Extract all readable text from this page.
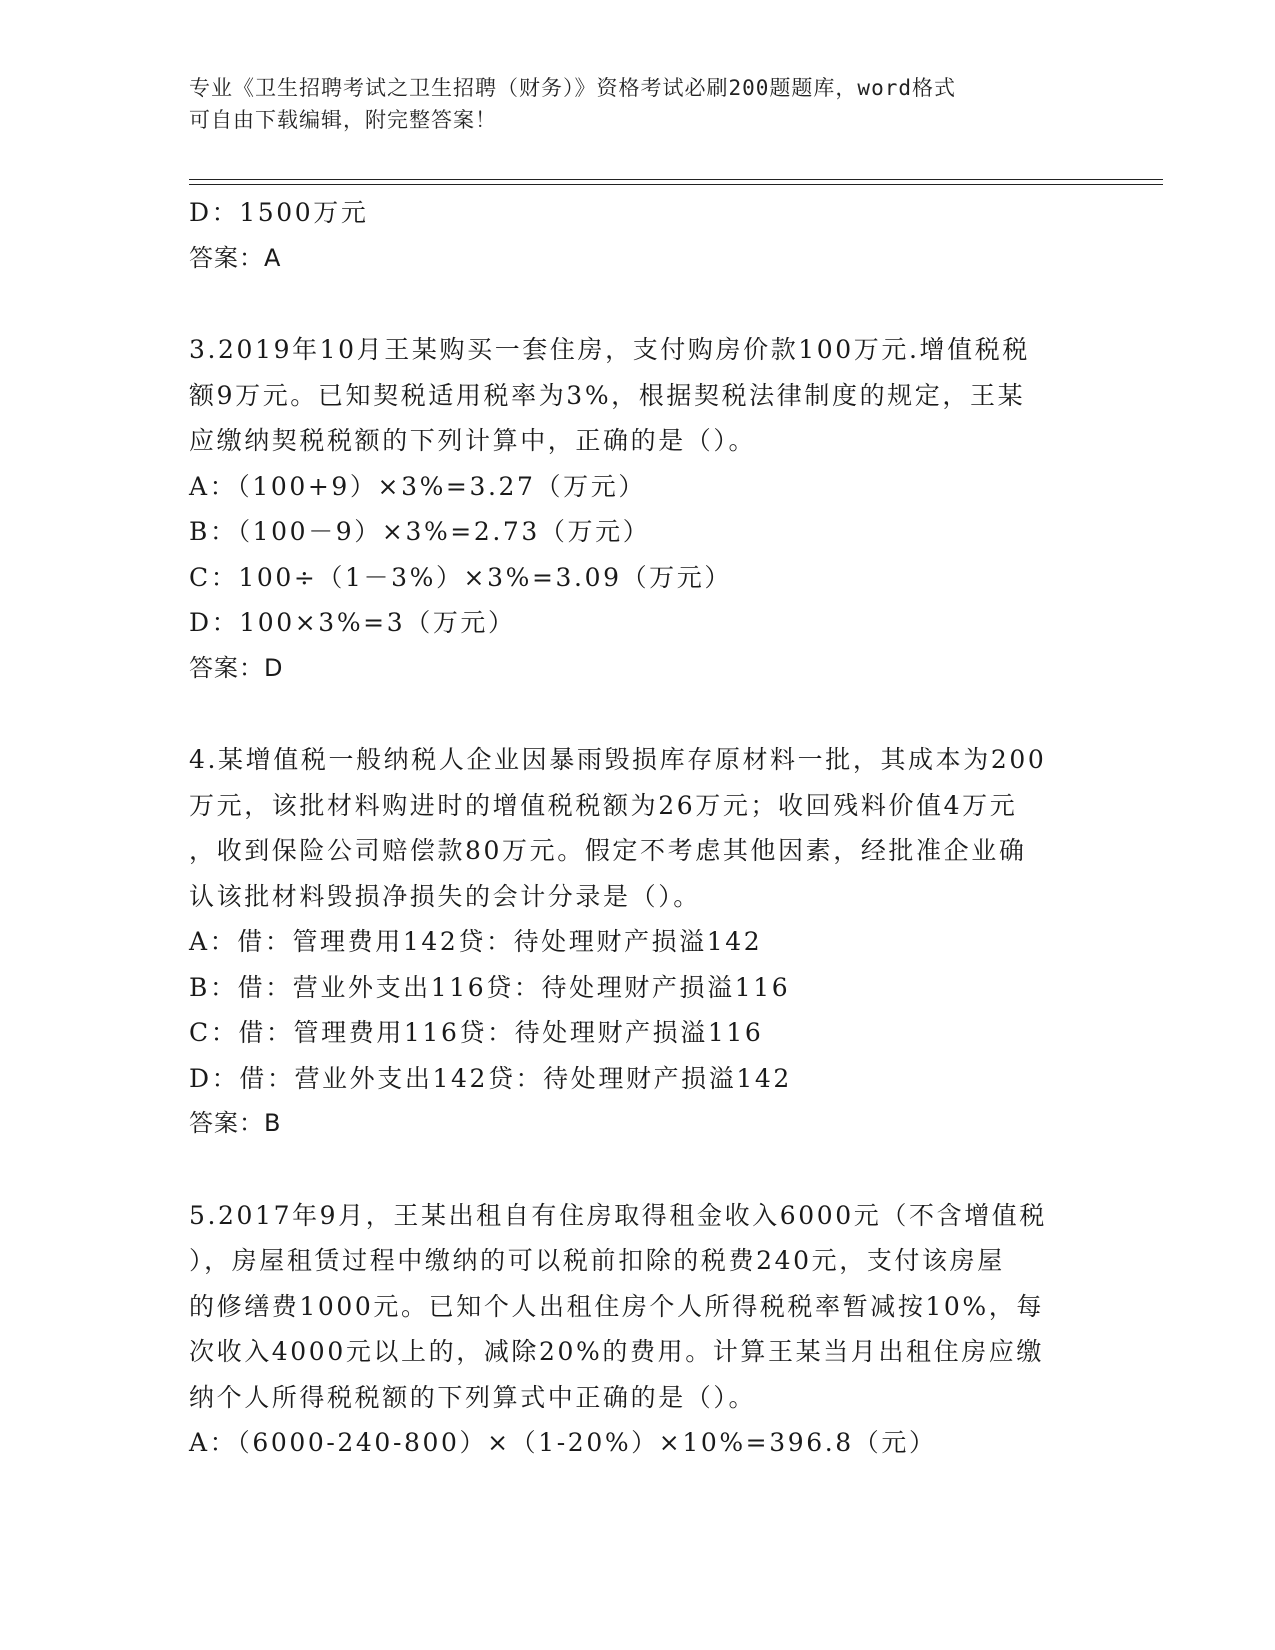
专业《卫生招聘考试之卫生招聘（财务）》资格考试必刷200题题库，word格式
可自由下载编辑，附完整答案！
D：1500万元
答案：A
3.2019年10月王某购买一套住房，支付购房价款100万元.增值税税
额9万元。已知契税适用税率为3%，根据契税法律制度的规定，王某
应缴纳契税税额的下列计算中，正确的是（）。
A：（100+9）×3%=3.27（万元）
B：（100－9）×3%=2.73（万元）
C：100÷（1－3%）×3%=3.09（万元）
D：100×3%=3（万元）
答案：D
4.某增值税一般纳税人企业因暴雨毁损库存原材料一批，其成本为200
万元，该批材料购进时的增值税税额为26万元；收回残料价值4万元
，收到保险公司赔偿款80万元。假定不考虑其他因素，经批准企业确
认该批材料毁损净损失的会计分录是（）。
A：借：管理费用142贷：待处理财产损溢142
B：借：营业外支出116贷：待处理财产损溢116
C：借：管理费用116贷：待处理财产损溢116
D：借：营业外支出142贷：待处理财产损溢142
答案：B
5.2017年9月，王某出租自有住房取得租金收入6000元（不含增值税
），房屋租赁过程中缴纳的可以税前扣除的税费240元，支付该房屋
的修缮费1000元。已知个人出租住房个人所得税税率暂减按10%，每
次收入4000元以上的，减除20%的费用。计算王某当月出租住房应缴
纳个人所得税税额的下列算式中正确的是（）。
A：（6000-240-800）×（1-20%）×10%=396.8（元）
